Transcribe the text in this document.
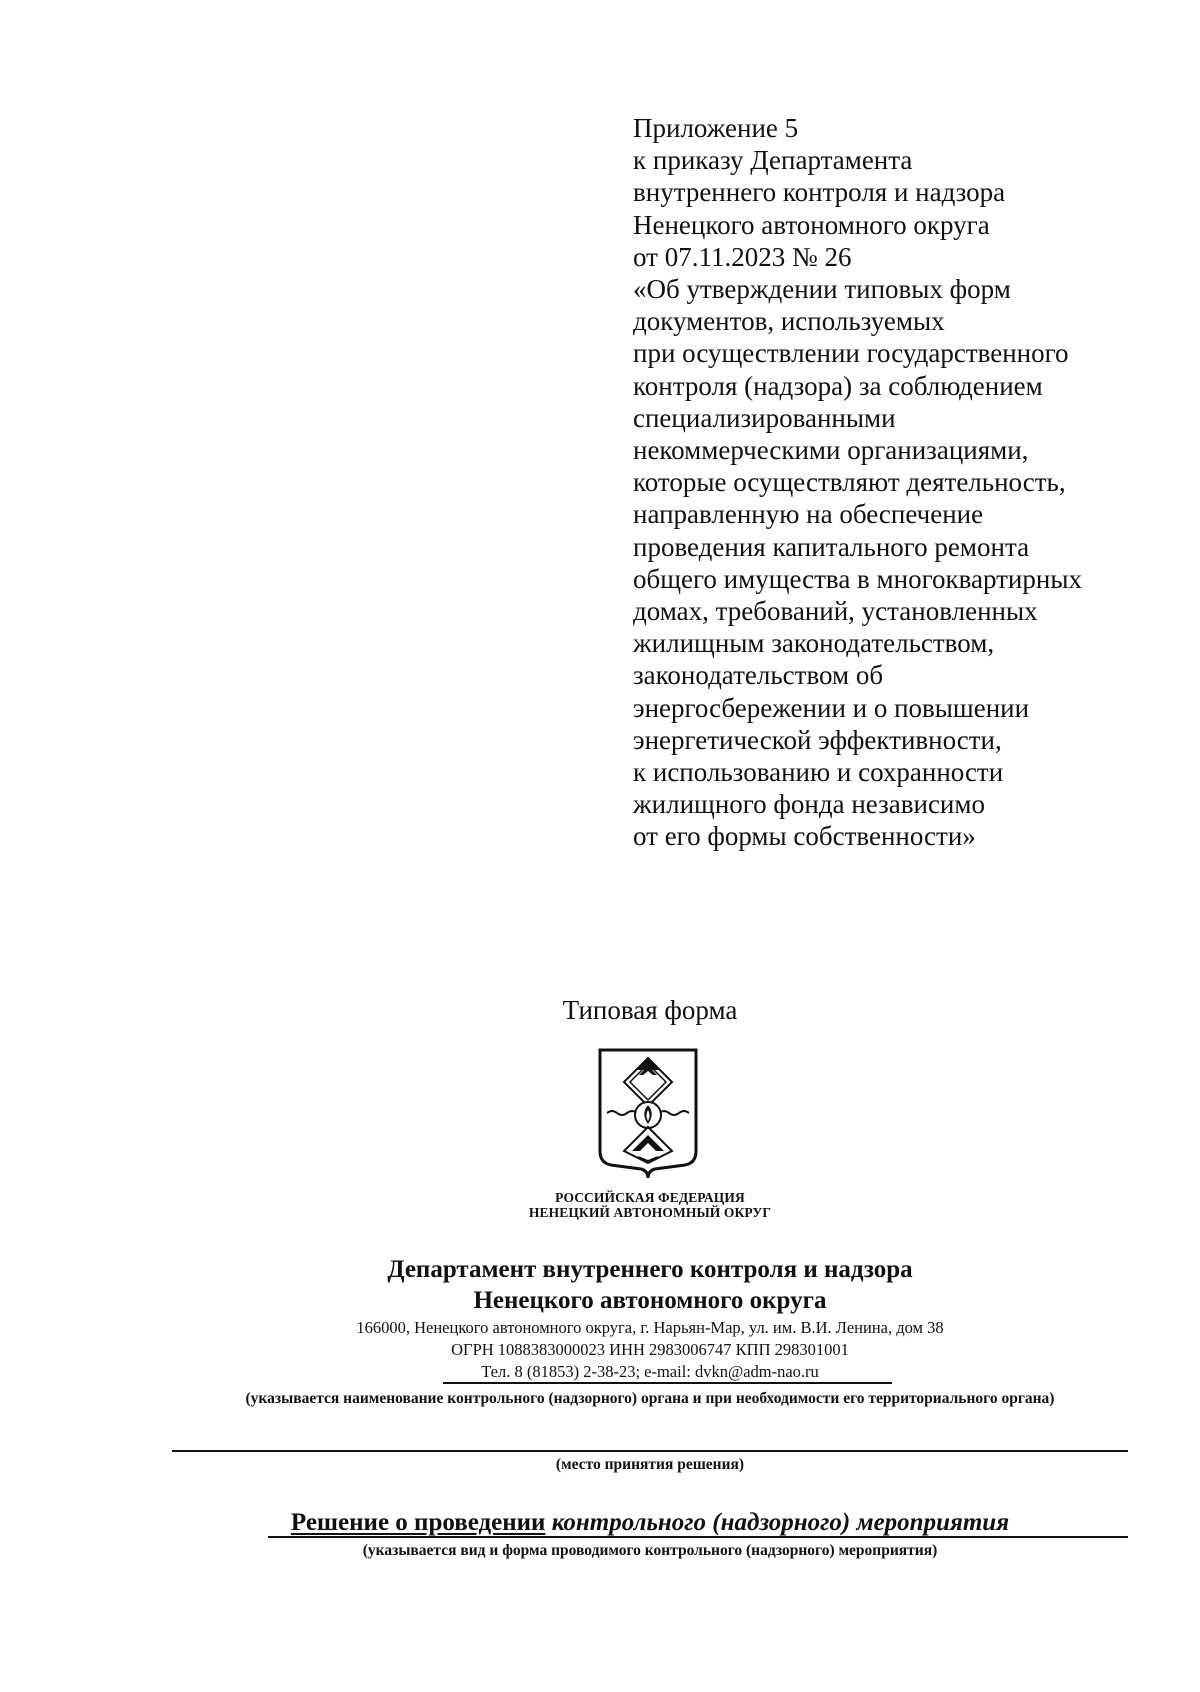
Приложение 5
к приказу Департамента
внутреннего контроля и надзора
Ненецкого автономного округа
от 07.11.2023 № 26
«Об утверждении типовых форм
документов, используемых
при осуществлении государственного
контроля (надзора) за соблюдением
специализированными
некоммерческими организациями,
которые осуществляют деятельность,
направленную на обеспечение
проведения капитального ремонта
общего имущества в многоквартирных
домах, требований, установленных
жилищным законодательством,
законодательством об
энергосбережении и о повышении
энергетической эффективности,
к использованию и сохранности
жилищного фонда независимо
от его формы собственности»
Типовая форма
РОССИЙСКАЯ ФЕДЕРАЦИЯ
НЕНЕЦКИЙ АВТОНОМНЫЙ ОКРУГ
Департамент внутреннего контроля и надзора
Ненецкого автономного округа
166000, Ненецкого автономного округа, г. Нарьян-Мар, ул. им. В.И. Ленина, дом 38
ОГРН 1088383000023 ИНН 2983006747 КПП 298301001
Тел. 8 (81853) 2-38-23; e-mail: dvkn@adm-nao.ru
(указывается наименование контрольного (надзорного) органа и при необходимости его территориального органа)
(место принятия решения)
Решение о проведении контрольного (надзорного) мероприятия
(указывается вид и форма проводимого контрольного (надзорного) мероприятия)
